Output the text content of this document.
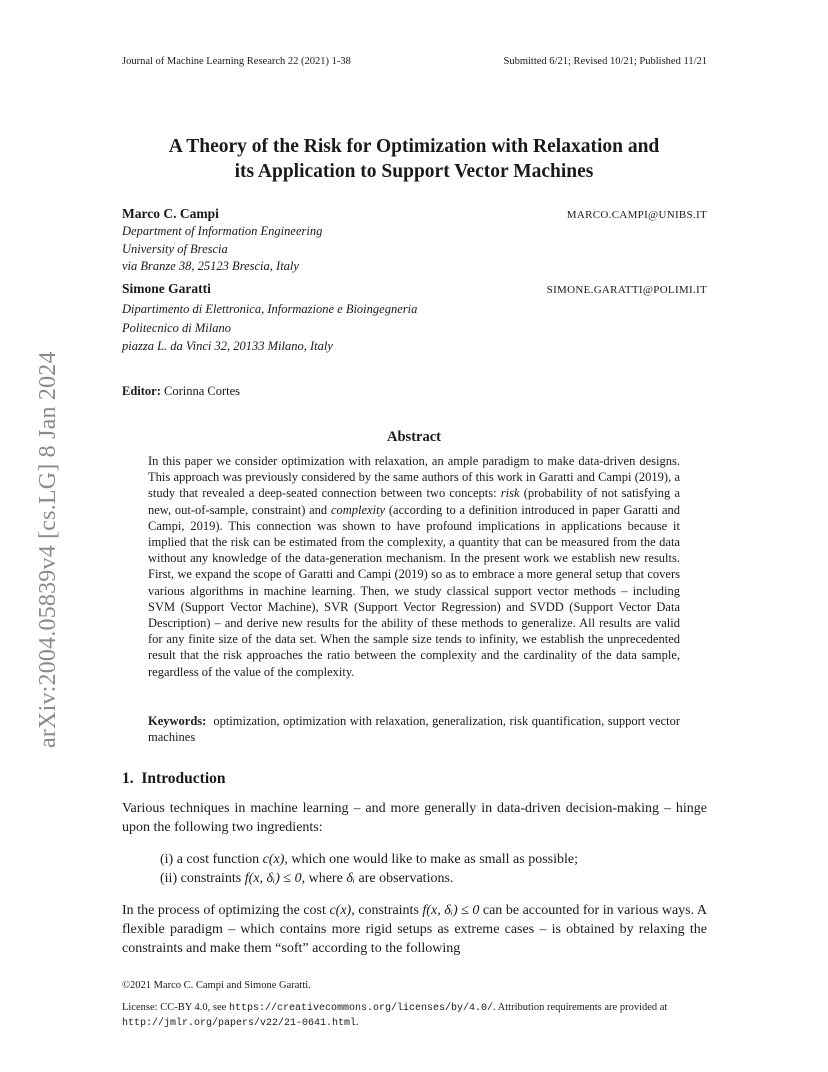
Journal of Machine Learning Research 22 (2021) 1-38	Submitted 6/21; Revised 10/21; Published 11/21
arXiv:2004.05839v4 [cs.LG] 8 Jan 2024
A Theory of the Risk for Optimization with Relaxation and
its Application to Support Vector Machines
Marco C. Campi	MARCO.CAMPI@UNIBS.IT
Department of Information Engineering
University of Brescia
via Branze 38, 25123 Brescia, Italy
Simone Garatti	SIMONE.GARATTI@POLIMI.IT
Dipartimento di Elettronica, Informazione e Bioingegneria
Politecnico di Milano
piazza L. da Vinci 32, 20133 Milano, Italy
Editor: Corinna Cortes
Abstract
In this paper we consider optimization with relaxation, an ample paradigm to make data-driven designs. This approach was previously considered by the same authors of this work in Garatti and Campi (2019), a study that revealed a deep-seated connection between two concepts: risk (probability of not satisfying a new, out-of-sample, constraint) and complexity (according to a definition introduced in paper Garatti and Campi, 2019). This connection was shown to have profound implications in applications because it implied that the risk can be estimated from the complexity, a quantity that can be measured from the data without any knowledge of the data-generation mechanism. In the present work we establish new results. First, we expand the scope of Garatti and Campi (2019) so as to embrace a more general setup that covers various algorithms in machine learning. Then, we study classical support vector methods – including SVM (Support Vector Machine), SVR (Support Vector Regression) and SVDD (Support Vector Data Description) – and derive new results for the ability of these methods to generalize. All results are valid for any finite size of the data set. When the sample size tends to infinity, we establish the unprecedented result that the risk approaches the ratio between the complexity and the cardinality of the data sample, regardless of the value of the complexity.
Keywords: optimization, optimization with relaxation, generalization, risk quantification, support vector machines
1. Introduction
Various techniques in machine learning – and more generally in data-driven decision-making – hinge upon the following two ingredients:
(i) a cost function c(x), which one would like to make as small as possible;
(ii) constraints f(x, δᵢ) ≤ 0, where δᵢ are observations.
In the process of optimizing the cost c(x), constraints f(x, δᵢ) ≤ 0 can be accounted for in various ways. A flexible paradigm – which contains more rigid setups as extreme cases – is obtained by relaxing the constraints and make them “soft” according to the following
©2021 Marco C. Campi and Simone Garatti.
License: CC-BY 4.0, see https://creativecommons.org/licenses/by/4.0/. Attribution requirements are provided at http://jmlr.org/papers/v22/21-0641.html.
